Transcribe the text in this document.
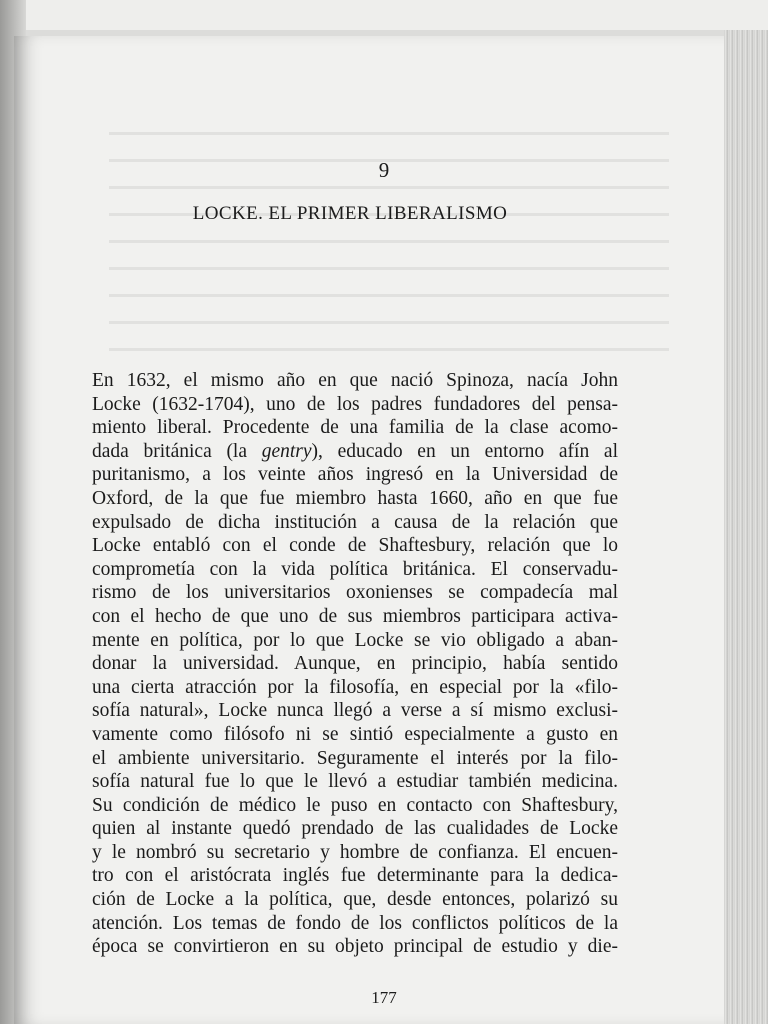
9
LOCKE. EL PRIMER LIBERALISMO
En 1632, el mismo año en que nació Spinoza, nacía John
Locke (1632-1704), uno de los padres fundadores del pensa-
miento liberal. Procedente de una familia de la clase acomo-
dada británica (la gentry), educado en un entorno afín al
puritanismo, a los veinte años ingresó en la Universidad de
Oxford, de la que fue miembro hasta 1660, año en que fue
expulsado de dicha institución a causa de la relación que
Locke entabló con el conde de Shaftesbury, relación que lo
comprometía con la vida política británica. El conservadu-
rismo de los universitarios oxonienses se compadecía mal
con el hecho de que uno de sus miembros participara activa-
mente en política, por lo que Locke se vio obligado a aban-
donar la universidad. Aunque, en principio, había sentido
una cierta atracción por la filosofía, en especial por la «filo-
sofía natural», Locke nunca llegó a verse a sí mismo exclusi-
vamente como filósofo ni se sintió especialmente a gusto en
el ambiente universitario. Seguramente el interés por la filo-
sofía natural fue lo que le llevó a estudiar también medicina.
Su condición de médico le puso en contacto con Shaftesbury,
quien al instante quedó prendado de las cualidades de Locke
y le nombró su secretario y hombre de confianza. El encuen-
tro con el aristócrata inglés fue determinante para la dedica-
ción de Locke a la política, que, desde entonces, polarizó su
atención. Los temas de fondo de los conflictos políticos de la
época se convirtieron en su objeto principal de estudio y die-
177
